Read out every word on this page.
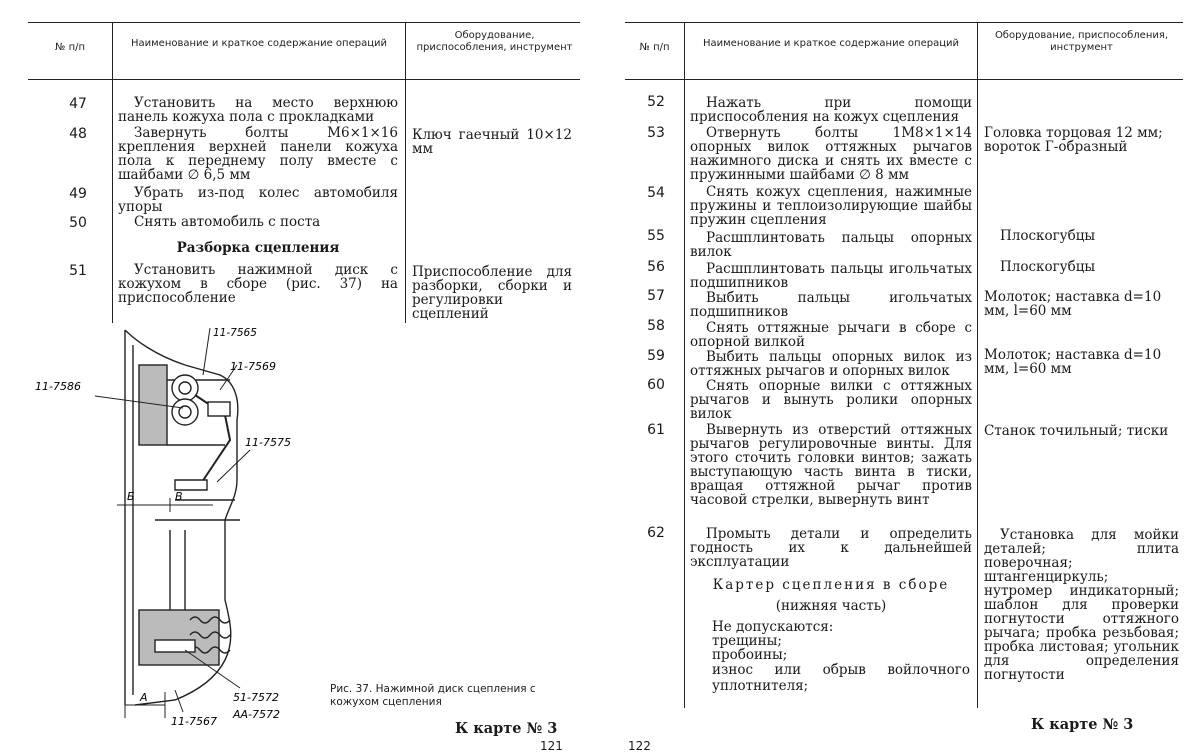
№ п/п	Наименование и краткое содержание операций
Оборудование, приспособления, инструмент
47	Установить на место верхнюю панель кожуха пола с прокладками
48	Завернуть болты М6×1×16 крепления верхней панели кожуха пола к переднему полу вместе с шайбами ∅ 6,5 мм
Ключ гаечный 10×12 мм
49	Убрать из-под колес автомобиля упоры
50	Снять автомобиль с поста
Разборка сцепления
51	Установить нажимной диск с кожухом в сборе (рис. 37) на приспособление
Приспособление для разборки, сборки и регулировки сцеплений
11-7565
11-7569
11-7586
11-7575
Б	В
А	51-7572
АА-7572
11-7567
Рис. 37. Нажимной диск сцепления с кожухом сцепления
К карте № 3
121
№ п/п	Наименование и краткое содержание операций
Оборудование, приспособления, инструмент
52	Нажать при помощи приспособления на кожух сцепления
53	Отвернуть болты 1М8×1×14 опорных вилок оттяжных рычагов нажимного диска и снять их вместе с пружинными шайбами ∅ 8 мм
Головка торцовая 12 мм; вороток Г-образный
54	Снять кожух сцепления, нажимные пружины и теплоизолирующие шайбы пружин сцепления
55	Расшплинтовать пальцы опорных вилок
Плоскогубцы
56	Расшплинтовать пальцы игольчатых подшипников
Плоскогубцы
57	Выбить пальцы игольчатых подшипников
Молоток; наставка d=10 мм, l=60 мм
58	Снять оттяжные рычаги в сборе с опорной вилкой
59	Выбить пальцы опорных вилок из оттяжных рычагов и опорных вилок
Молоток; наставка d=10 мм, l=60 мм
60	Снять опорные вилки с оттяжных рычагов и вынуть ролики опорных вилок
61	Вывернуть из отверстий оттяжных рычагов регулировочные винты. Для этого сточить головки винтов; зажать выступающую часть винта в тиски, вращая оттяжной рычаг против часовой стрелки, вывернуть винт
Станок точильный; тиски
62	Промыть детали и определить годность их к дальнейшей эксплуатации
Установка для мойки деталей; плита поверочная; штангенциркуль; нутромер индикаторный; шаблон для проверки погнутости оттяжного рычага; пробка резьбовая; пробка листовая; угольник для определения погнутости
Картер сцепления в сборе
(нижняя часть)
Не допускаются:
трещины;
пробоины;
износ или обрыв войлочного уплотнителя;
К карте № 3
122
